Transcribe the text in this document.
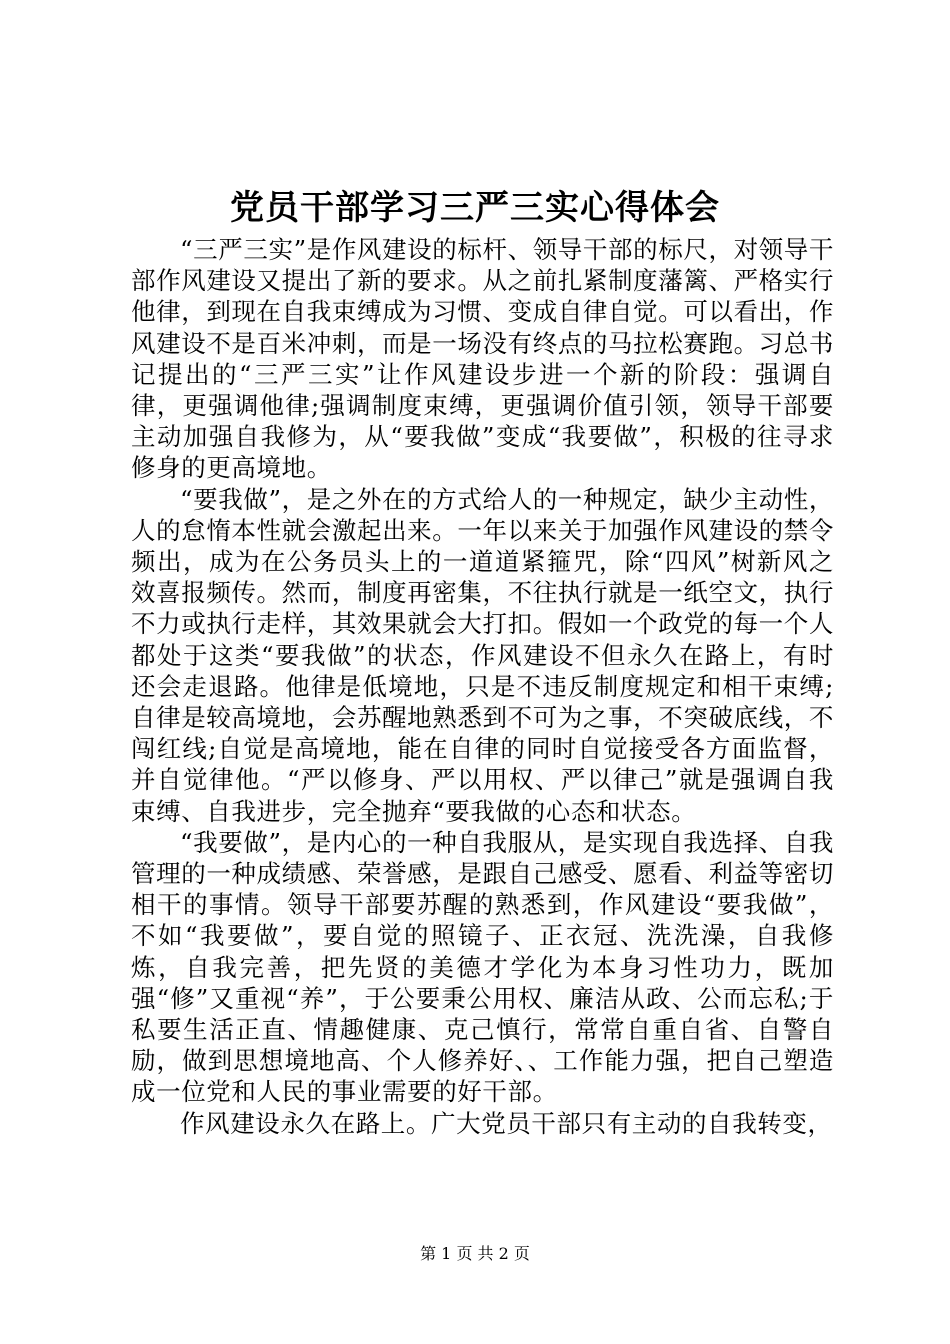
党员干部学习三严三实心得体会

“三严三实”是作风建设的标杆、领导干部的标尺，对领导干部作风建设又提出了新的要求。从之前扎紧制度藩篱、严格实行他律，到现在自我束缚成为习惯、变成自律自觉。可以看出，作风建设不是百米冲刺，而是一场没有终点的马拉松赛跑。习总书记提出的“三严三实”让作风建设步进一个新的阶段：强调自律，更强调他律;强调制度束缚，更强调价值引领，领导干部要主动加强自我修为，从“要我做”变成“我要做”，积极的往寻求修身的更高境地。

“要我做”，是之外在的方式给人的一种规定，缺少主动性，人的怠惰本性就会激起出来。一年以来关于加强作风建设的禁令频出，成为在公务员头上的一道道紧箍咒，除“四风”树新风之效喜报频传。然而，制度再密集，不往执行就是一纸空文，执行不力或执行走样，其效果就会大打扣。假如一个政党的每一个人都处于这类“要我做”的状态，作风建设不但永久在路上，有时还会走退路。他律是低境地，只是不违反制度规定和相干束缚;自律是较高境地，会苏醒地熟悉到不可为之事，不突破底线，不闯红线;自觉是高境地，能在自律的同时自觉接受各方面监督，并自觉律他。“严以修身、严以用权、严以律己”就是强调自我束缚、自我进步，完全抛弃“要我做的心态和状态。

“我要做”，是内心的一种自我服从，是实现自我选择、自我管理的一种成绩感、荣誉感，是跟自己感受、愿看、利益等密切相干的事情。领导干部要苏醒的熟悉到，作风建设“要我做”，不如“我要做”，要自觉的照镜子、正衣冠、洗洗澡，自我修炼，自我完善，把先贤的美德才学化为本身习性功力，既加强“修”又重视“养”，于公要秉公用权、廉洁从政、公而忘私;于私要生活正直、情趣健康、克己慎行，常常自重自省、自警自励，做到思想境地高、个人修养好、、工作能力强，把自己塑造成一位党和人民的事业需要的好干部。

作风建设永久在路上。广大党员干部只有主动的自我转变，

第 1 页 共 2 页
